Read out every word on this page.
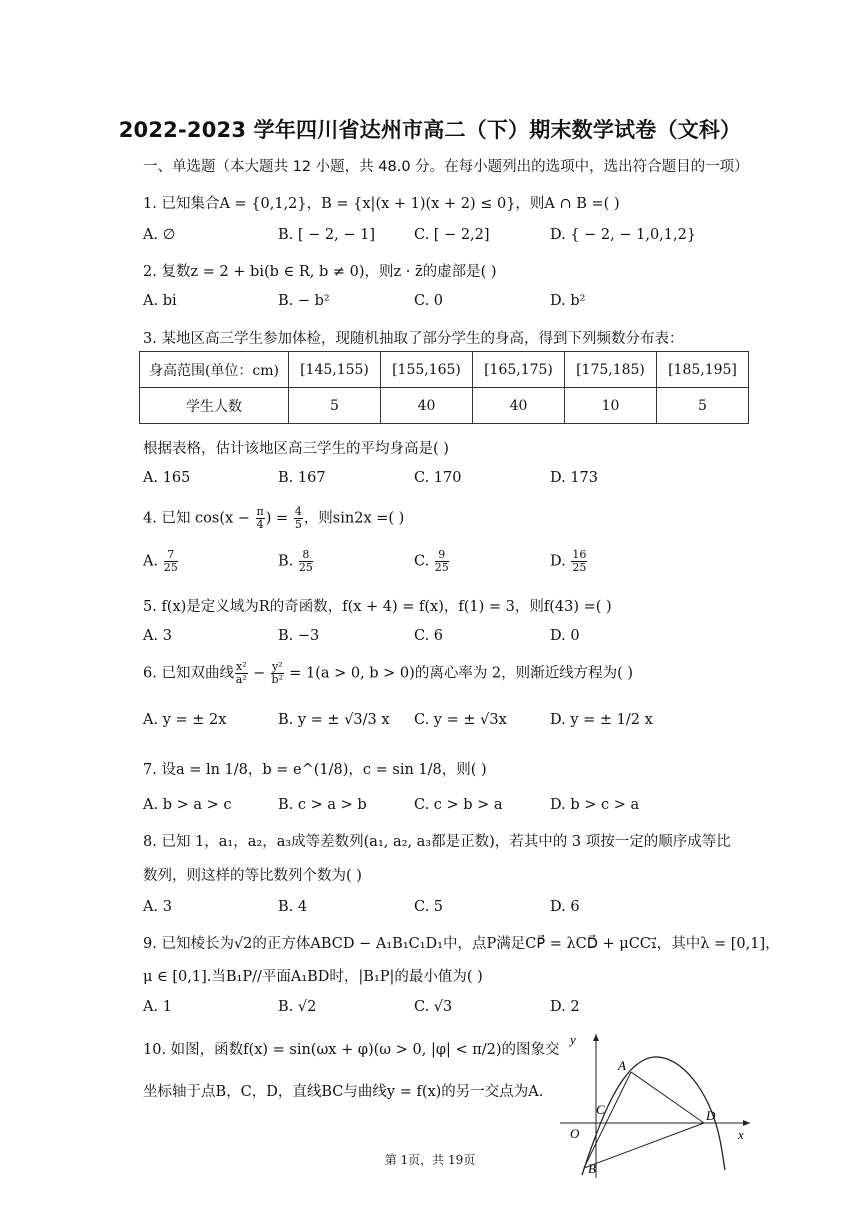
2022-2023 学年四川省达州市高二（下）期末数学试卷（文科）
一、单选题（本大题共 12 小题，共 48.0 分。在每小题列出的选项中，选出符合题目的一项）
1. 已知集合A = {0,1,2}，B = {x|(x + 1)(x + 2) ≤ 0}，则A ∩ B =( )
A. ∅	B. [ − 2, − 1]	C. [ − 2,2]	D. { − 2, − 1,0,1,2}
2. 复数z = 2 + bi(b ∈ R, b ≠ 0)，则z · z̄的虚部是( )
A. bi	B. − b²	C. 0	D. b²
3. 某地区高三学生参加体检，现随机抽取了部分学生的身高，得到下列频数分布表：
身高范围(单位：cm)	[145,155)	[155,165)	[165,175)	[175,185)	[185,195]
学生人数	5	40	40	10	5
根据表格，估计该地区高三学生的平均身高是( )
A. 165	B. 167	C. 170	D. 173
4. 已知 $\cos(x - \frac{\pi}{4}$ ) = $\frac{4}{5}$ ，则sin2x =( )
A. $\frac{7}{25}$	B. $\frac{8}{25}$	C. $\frac{9}{25}$	D. $\frac{16}{25}$
5. f(x)是定义域为R的奇函数，f(x + 4) = f(x)，f(1) = 3，则f(43) =( )
A. 3	B. −3	C. 6	D. 0
6. 已知双曲线 $\frac{\text{x²}}{\text{a²}} - \frac{\text{y²}}{\text{b²}} = 1(a > 0$, b > 0)的离心率为 2，则渐近线方程为( )
A. y = ± 2x	B. y = ± √3/3 x C. y = ± √3x	D. y = ± 1/2 x
7. 设a = ln 1/8，b = e^(1/8)，c = sin 1/8，则( )
A. b > a > c	B. c > a > b	C. c > b > a	D. b > c > a
8. 已知 1，a₁，a₂，a₃成等差数列(a₁, a₂, a₃都是正数)，若其中的 3 项按一定的顺序成等比
数列，则这样的等比数列个数为( )
A. 3	B. 4	C. 5	D. 6
9. 已知棱长为√2的正方体ABCD − A₁B₁C₁D₁中，点P满足CP⃗ = λCD⃗ + μCC₁⃗，其中λ = [0,1]，
μ ∈ [0,1].当B₁P//平面A₁BD时，|B₁P|的最小值为( )
A. 1	B. √2	C. √3	D. 2
10. 如图，函数f(x) = sin(ωx + φ)(ω > 0, |φ| < π/2)的图象交
坐标轴于点B，C，D，直线BC与曲线y = f(x)的另一交点为A.
y
x
O
A
B
C	D
第 1页，共 19页
